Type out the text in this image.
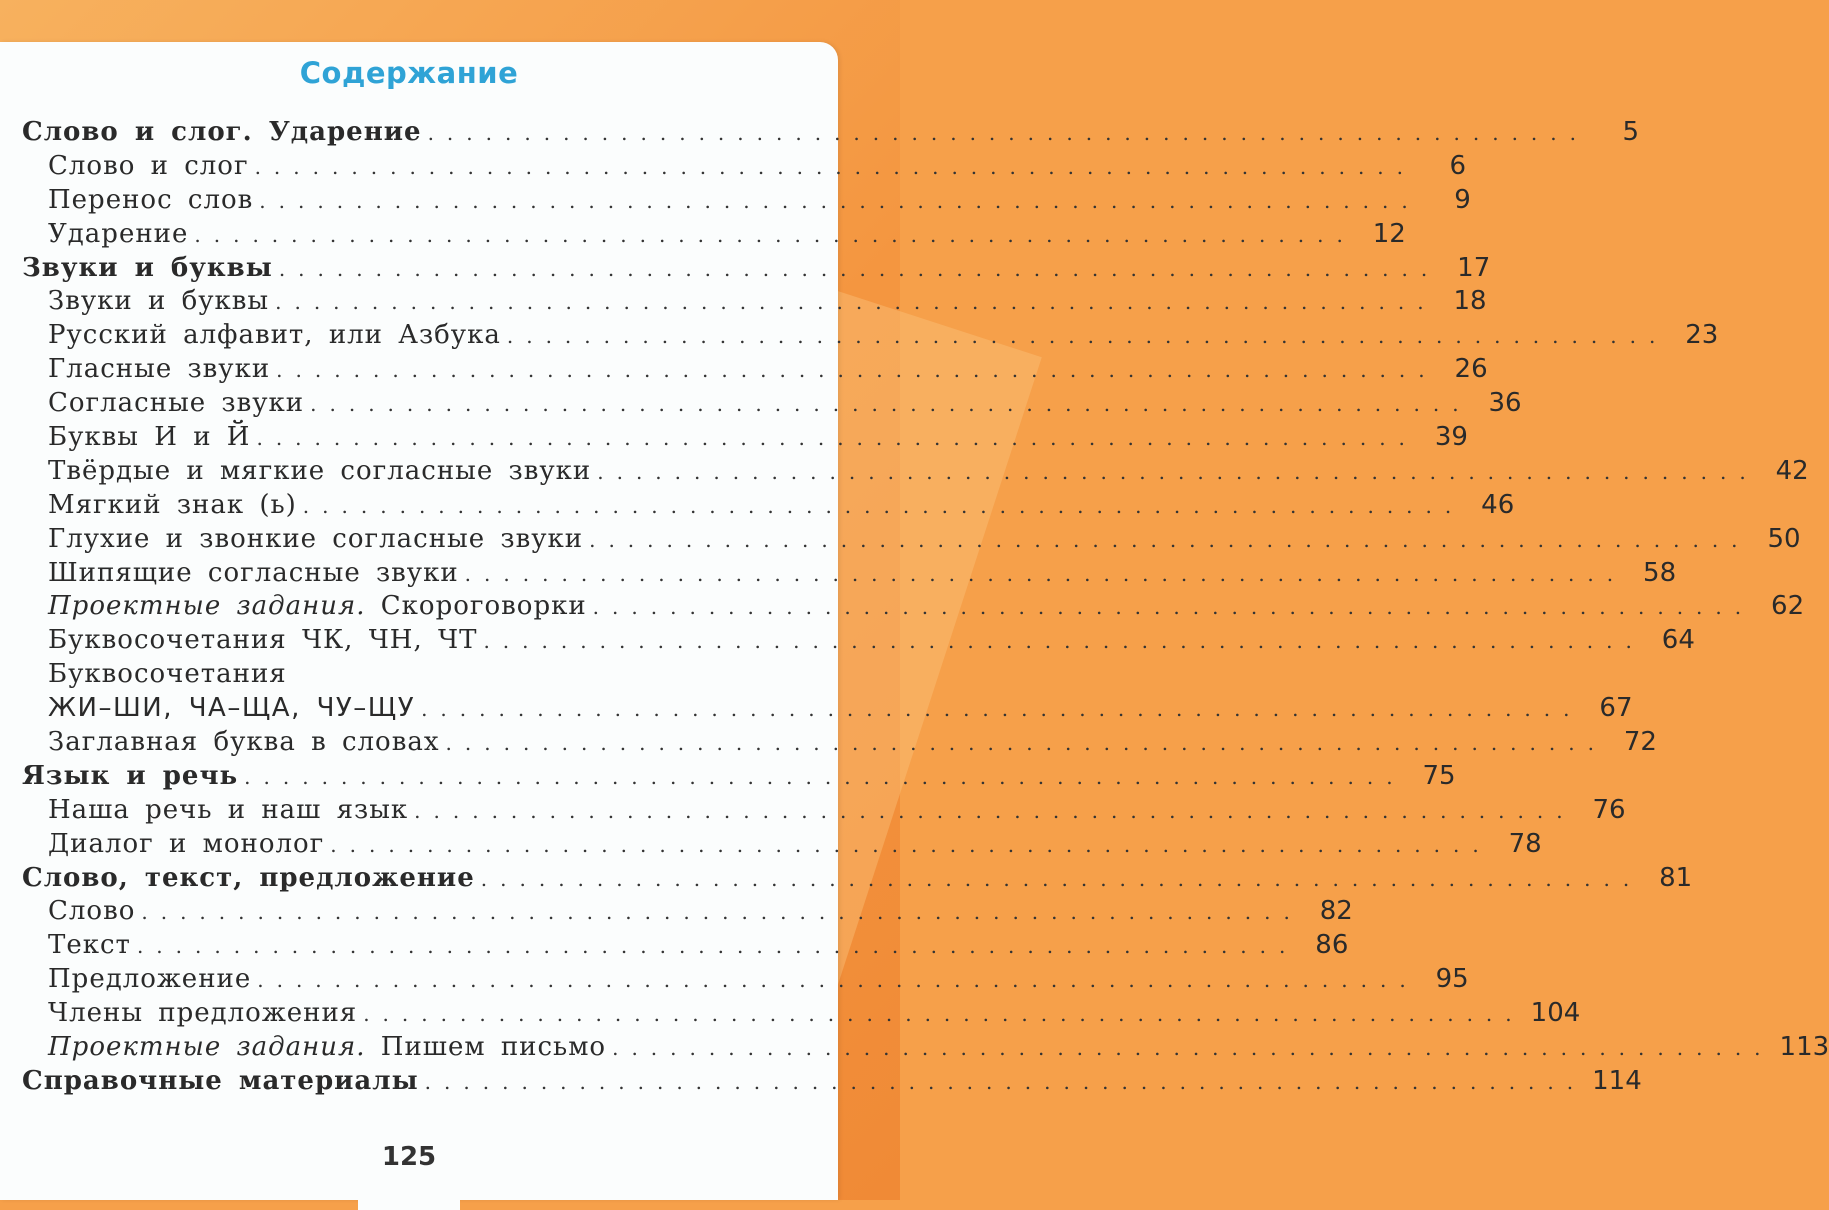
Содержание
Слово и слог. Ударение ............................................................	5
Слово и слог ............................................................	6
Перенос слов ............................................................	9
Ударение ............................................................ 12
Звуки и буквы ............................................................ 17
Звуки и буквы ............................................................ 18
Русский алфавит, или Азбука ............................................................ 23
Гласные звуки ............................................................ 26
Согласные звуки ............................................................ 36
Буквы И и Й ............................................................ 39
Твёрдые и мягкие согласные звуки ............................................................ 42
Мягкий знак (ь) ............................................................ 46
Глухие и звонкие согласные звуки ............................................................ 50
Шипящие согласные звуки ............................................................ 58
Проектные задания. Скороговорки ............................................................ 62
Буквосочетания ЧК, ЧН, ЧТ ............................................................ 64
Буквосочетания
ЖИ–ШИ, ЧА–ЩА, ЧУ–ЩУ ............................................................ 67
Заглавная буква в словах ............................................................ 72
Язык и речь ............................................................ 75
Наша речь и наш язык ............................................................ 76
Диалог и монолог ............................................................ 78
Слово, текст, предложение ............................................................ 81
Слово ............................................................ 82
Текст ............................................................ 86
Предложение ............................................................ 95
Члены предложения ............................................................ 104
Проектные задания. Пишем письмо ............................................................ 113
Справочные материалы ............................................................ 114
125
